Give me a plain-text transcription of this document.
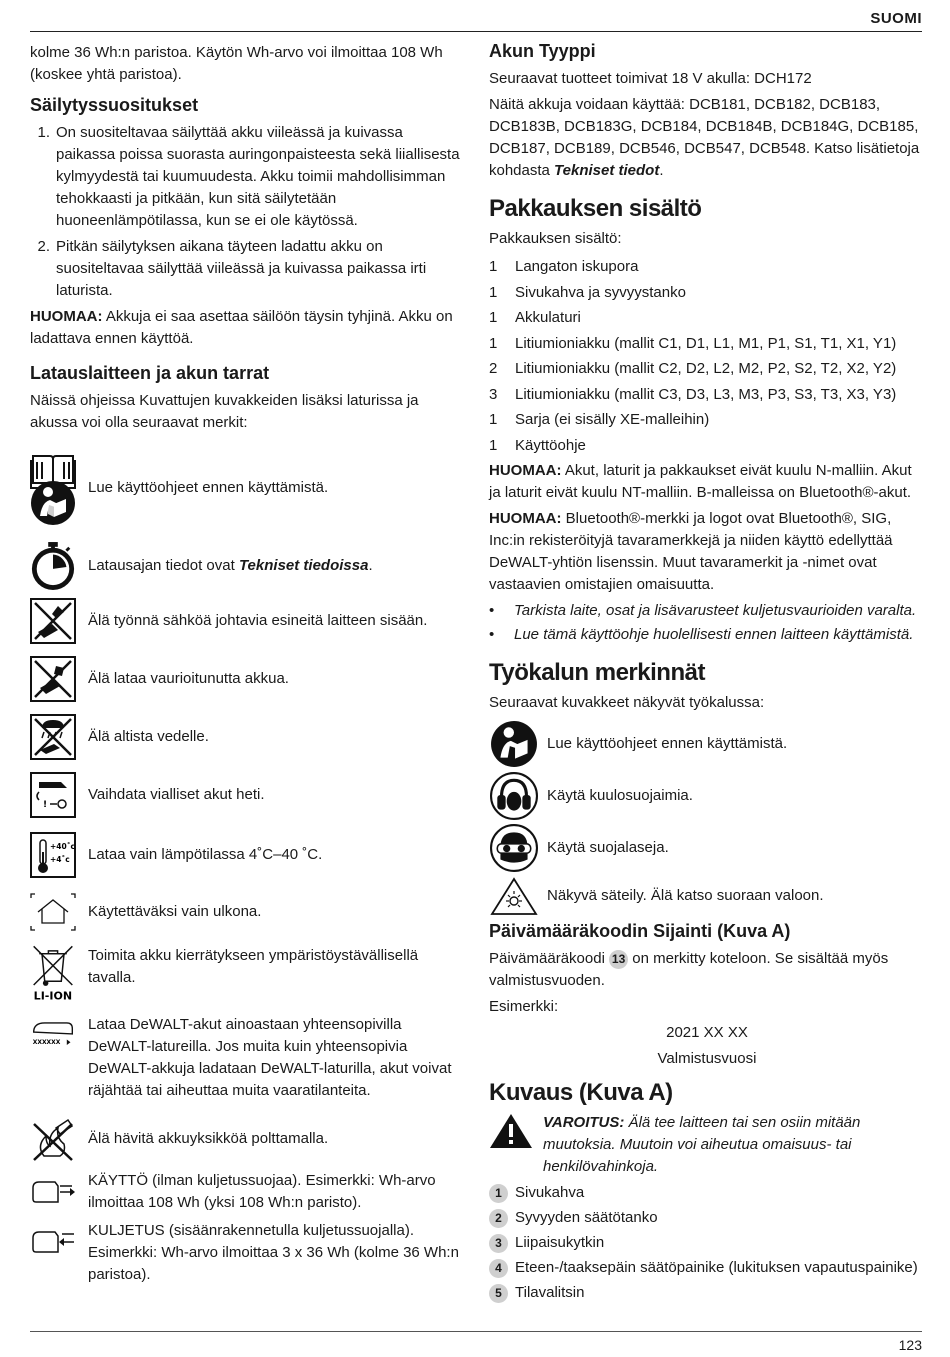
SUOMI

kolme 36 Wh:n paristoa. Käytön Wh-arvo voi ilmoittaa 108 Wh (koskee yhtä paristoa).

Säilytyssuositukset
1. On suositeltavaa säilyttää akku viileässä ja kuivassa paikassa poissa suorasta auringonpaisteesta sekä liiallisesta kylmyydestä tai kuumuudesta. Akku toimii mahdollisimman tehokkaasti ja pitkään, kun sitä säilytetään huoneenlämpötilassa, kun se ei ole käytössä.
2. Pitkän säilytyksen aikana täyteen ladattu akku on suositeltavaa säilyttää viileässä ja kuivassa paikassa irti laturista.

HUOMAA: Akkuja ei saa asettaa säilöön täysin tyhjinä. Akku on ladattava ennen käyttöä.

Latauslaitteen ja akun tarrat

Näissä ohjeissa Kuvattujen kuvakkeiden lisäksi laturissa ja akussa voi olla seuraavat merkit:

Lue käyttöohjeet ennen käyttämistä.
Latausajan tiedot ovat Tekniset tiedoissa.
Älä työnnä sähköä johtavia esineitä laitteen sisään.
Älä lataa vaurioitunutta akkua.
Älä altista vedelle.
!
Vaihdata vialliset akut heti.
+40˚c
+4˚c Lataa vain lämpötilassa 4˚C–40 ˚C.
Käytettäväksi vain ulkona.
LI-ION
Toimita akku kierrätykseen ympäristöystävällisellä tavalla.
XXXXXX
Lataa DeWALT-akut ainoastaan yhteensopivilla DeWALT-latureilla. Jos muita kuin yhteensopivia DeWALT-akkuja ladataan DeWALT-laturilla, akut voivat räjähtää tai aiheuttaa muita vaaratilanteita.
Älä hävitä akkuyksikköä polttamalla.
KÄYTTÖ (ilman kuljetussuojaa). Esimerkki: Wh-arvo ilmoittaa 108 Wh (yksi 108 Wh:n paristo).
KULJETUS (sisäänrakennetulla kuljetussuojalla). Esimerkki: Wh-arvo ilmoittaa 3 x 36 Wh (kolme 36 Wh:n paristoa).
Akun Tyyppi

Seuraavat tuotteet toimivat 18 V akulla: DCH172

Näitä akkuja voidaan käyttää: DCB181, DCB182, DCB183, DCB183B, DCB183G, DCB184, DCB184B, DCB184G, DCB185, DCB187, DCB189, DCB546, DCB547, DCB548. Katso lisätietoja kohdasta Tekniset tiedot.

Pakkauksen sisältö

Pakkauksen sisältö:

1	Langaton iskupora
1	Sivukahva ja syvyystanko
1	Akkulaturi
1	Litiumioniakku (mallit C1, D1, L1, M1, P1, S1, T1, X1, Y1)
2	Litiumioniakku (mallit C2, D2, L2, M2, P2, S2, T2, X2, Y2)
3	Litiumioniakku (mallit C3, D3, L3, M3, P3, S3, T3, X3, Y3)
1	Sarja (ei sisälly XE-malleihin)
1	Käyttöohje

HUOMAA: Akut, laturit ja pakkaukset eivät kuulu N-malliin. Akut ja laturit eivät kuulu NT-malliin. B-malleissa on Bluetooth®-akut.

HUOMAA: Bluetooth®-merkki ja logot ovat Bluetooth®, SIG, Inc:in rekisteröityjä tavaramerkkejä ja niiden käyttö edellyttää DeWALT-yhtiön lisenssin. Muut tavaramerkit ja -nimet ovat vastaavien omistajien omaisuutta.

•	Tarkista laite, osat ja lisävarusteet kuljetusvaurioiden varalta.
•	Lue tämä käyttöohje huolellisesti ennen laitteen käyttämistä.
Työkalun merkinnät

Seuraavat kuvakkeet näkyvät työkalussa:

Lue käyttöohjeet ennen käyttämistä.
Käytä kuulosuojaimia.
Käytä suojalaseja.
Näkyvä säteily. Älä katso suoraan valoon.
Päivämääräkoodin Sijainti (Kuva A)

Päivämääräkoodi 13 on merkitty koteloon. Se sisältää myös valmistusvuoden.

Esimerkki:

2021 XX XX

Valmistusvuosi

Kuvaus (Kuva A)
VAROITUS: Älä tee laitteen tai sen osiin mitään muutoksia. Muutoin voi aiheutua omaisuus- tai henkilövahinkoja.
1 Sivukahva
2 Syvyyden säätötanko
3 Liipaisukytkin
4 Eteen-/taaksepäin säätöpainike (lukituksen vapautuspainike)
5 Tilavalitsin
123
